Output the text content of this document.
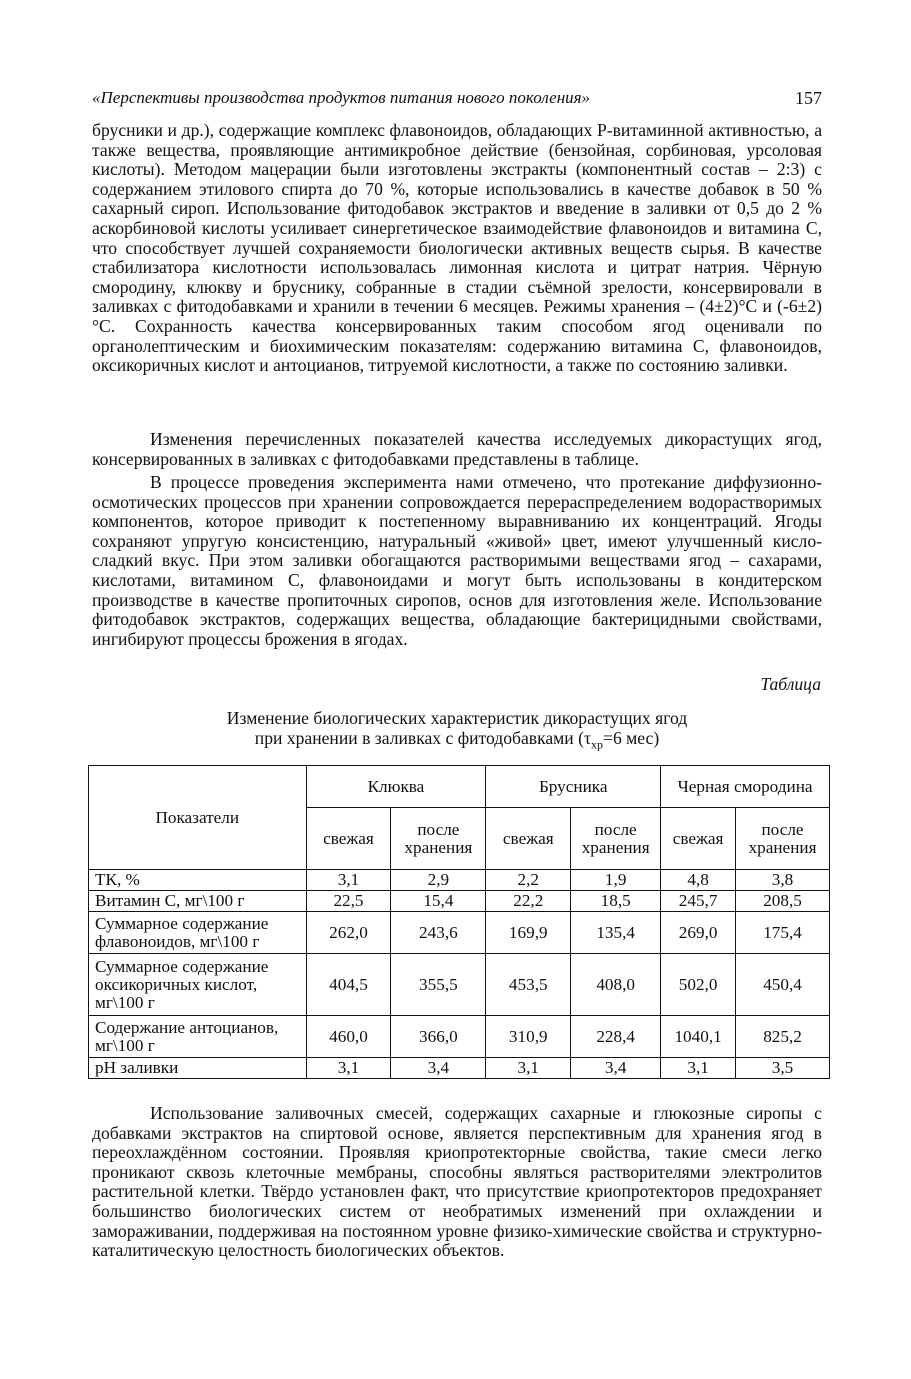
«Перспективы производства продуктов питания нового поколения»	157

брусники и др.), содержащие комплекс флавоноидов, обладающих Р-витаминной активностью, а также вещества, проявляющие антимикробное действие (бензойная, сорбиновая, урсоловая кислоты). Методом мацерации были изготовлены экстракты (компонентный состав – 2:3) с содержанием этилового спирта до 70 %, которые использовались в качестве добавок в 50 % сахарный сироп. Использование фитодобавок экстрактов и введение в заливки от 0,5 до 2 % аскорбиновой кислоты усиливает синергетическое взаимодействие флавоноидов и витамина С, что способствует лучшей сохраняемости биологически активных веществ сырья. В качестве стабилизатора кислотности использовалась лимонная кислота и цитрат натрия. Чёрную смородину, клюкву и бруснику, собранные в стадии съёмной зрелости, консервировали в заливках с фитодобавками и хранили в течении 6 месяцев. Режимы хранения – (4±2)°С и (-6±2)°С. Сохранность качества консервированных таким способом ягод оценивали по органолептическим и биохимическим показателям: содержанию витамина С, флавоноидов, оксикоричных кислот и антоцианов, титруемой кислотности, а также по состоянию заливки.

Изменения перечисленных показателей качества исследуемых дикорастущих ягод, консервированных в заливках с фитодобавками представлены в таблице.

В процессе проведения эксперимента нами отмечено, что протекание диффузионно-осмотических процессов при хранении сопровождается перераспределением водорастворимых компонентов, которое приводит к постепенному выравниванию их концентраций. Ягоды сохраняют упругую консистенцию, натуральный «живой» цвет, имеют улучшенный кисло-сладкий вкус. При этом заливки обогащаются растворимыми веществами ягод – сахарами, кислотами, витамином С, флавоноидами и могут быть использованы в кондитерском производстве в качестве пропиточных сиропов, основ для изготовления желе. Использование фитодобавок экстрактов, содержащих вещества, обладающие бактерицидными свойствами, ингибируют процессы брожения в ягодах.

Таблица
Изменение биологических характеристик дикорастущих ягод
при хранении в заливках с фитодобавками ($\tau_{хр}=6$ мес)
Показатели	Клюква		Брусника		Черная смородина	
	свежая	после хранения	свежая	после хранения	свежая	после хранения
ТК, %	3,1	2,9	2,2	1,9	4,8	3,8
Витамин С, мг\100 г	22,5	15,4	22,2	18,5	245,7	208,5
Суммарное содержание флавоноидов, мг\100 г	262,0	243,6	169,9	135,4	269,0	175,4
Суммарное содержание оксикоричных кислот, мг\100 г	404,5	355,5	453,5	408,0	502,0	450,4
Содержание антоцианов, мг\100 г	460,0	366,0	310,9	228,4	1040,1	825,2
pH заливки	3,1	3,4	3,1	3,4	3,1	3,5

Использование заливочных смесей, содержащих сахарные и глюкозные сиропы с добавками экстрактов на спиртовой основе, является перспективным для хранения ягод в переохлаждённом состоянии. Проявляя криопротекторные свойства, такие смеси легко проникают сквозь клеточные мембраны, способны являться растворителями электролитов растительной клетки. Твёрдо установлен факт, что присутствие криопротекторов предохраняет большинство биологических систем от необратимых изменений при охлаждении и замораживании, поддерживая на постоянном уровне физико-химические свойства и структурно-каталитическую целостность биологических объектов.
